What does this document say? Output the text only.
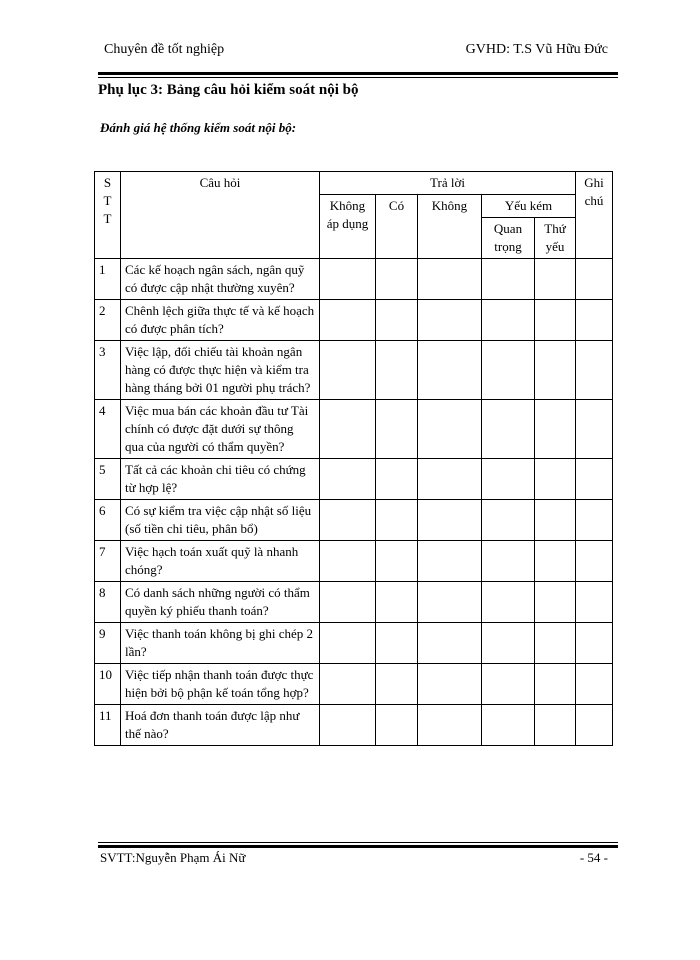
Chuyên đề tốt nghiệp	GVHD: T.S Vũ Hữu Đức
Phụ lục 3: Bảng câu hỏi kiểm soát nội bộ
Đánh giá hệ thống kiểm soát nội bộ:
S T T	Câu hỏi	Trả lời					Ghi chú

		Không áp dụng	Có	Không	Yếu kém		
					Quan trọng	Thứ yếu	
1	Các kế hoạch ngân sách, ngân quỹ có được cập nhật thường xuyên?						
2	Chênh lệch giữa thực tế và kế hoạch có được phân tích?						
3	Việc lập, đối chiếu tài khoản ngân hàng có được thực hiện và kiểm tra hàng tháng bởi 01 người phụ trách?						
4	Việc mua bán các khoản đầu tư Tài chính có được đặt dưới sự thông qua của người có thẩm quyền?						
5	Tất cả các khoản chi tiêu có chứng từ hợp lệ?						
6	Có sự kiểm tra việc cập nhật số liệu (số tiền chi tiêu, phân bổ)						
7	Việc hạch toán xuất quỹ là nhanh chóng?						
8	Có danh sách những người có thẩm quyền ký phiếu thanh toán?						
9	Việc thanh toán không bị ghi chép 2 lần?						
10	Việc tiếp nhận thanh toán được thực hiện bởi bộ phận kế toán tổng hợp?						
11	Hoá đơn thanh toán được lập như thế nào?						
SVTT:Nguyễn Phạm Ái Nữ	- 54 -
